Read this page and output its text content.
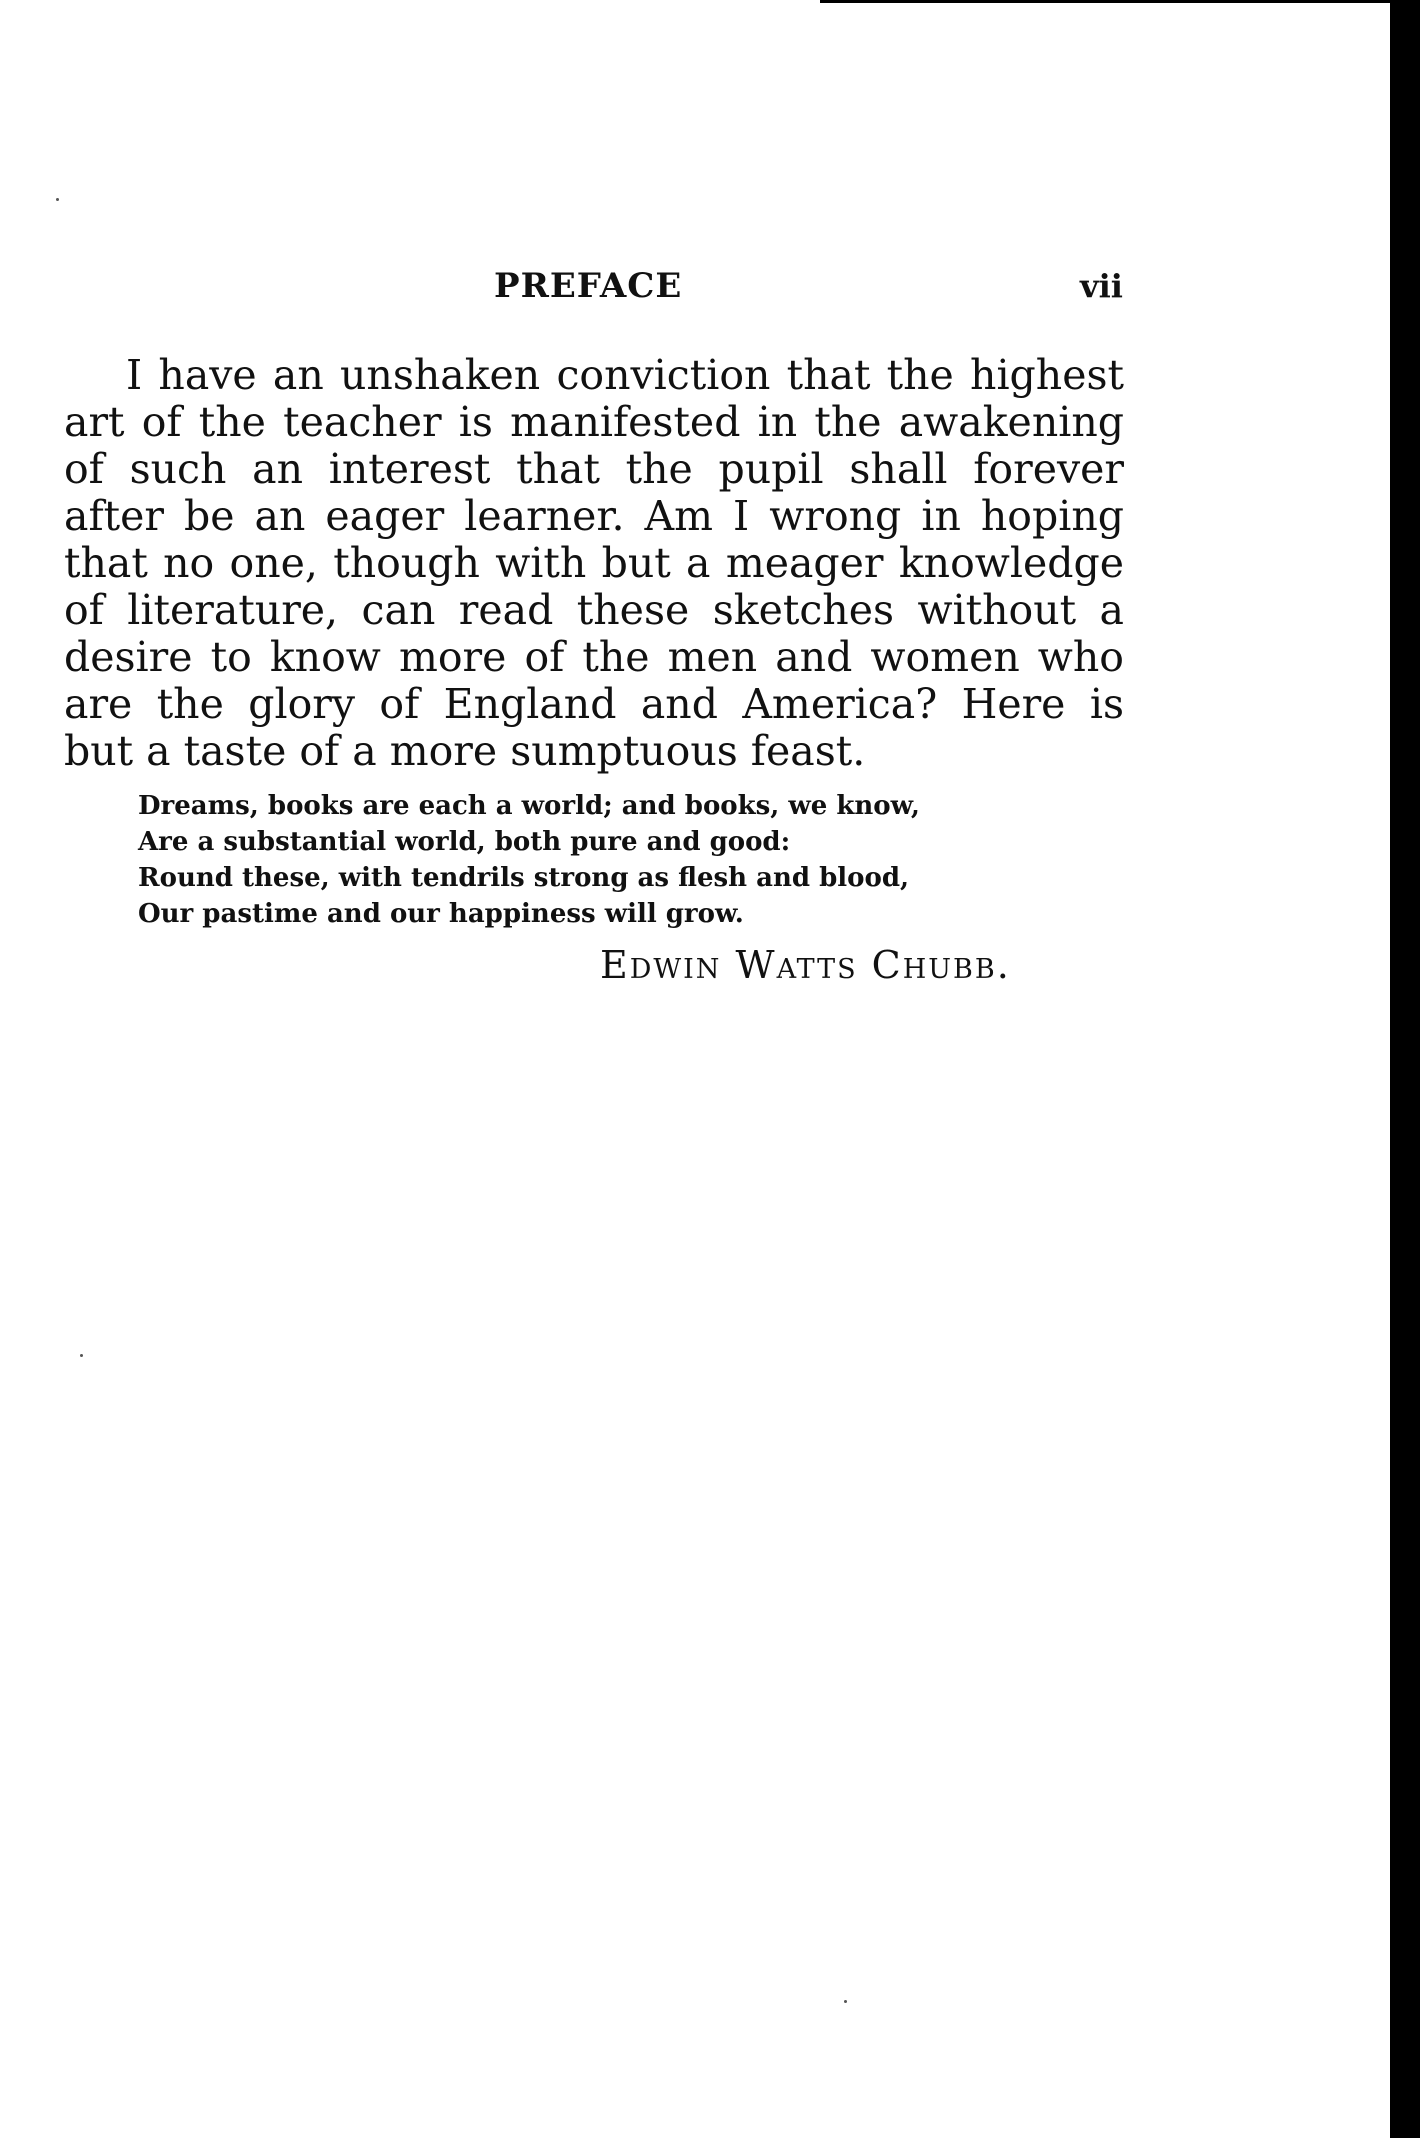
PREFACE	vii
I have an unshaken conviction that the highest
art of the teacher is manifested in the awakening
of such an interest that the pupil shall forever
after be an eager learner. Am I wrong in hoping
that no one, though with but a meager knowledge
of literature, can read these sketches without a
desire to know more of the men and women who
are the glory of England and America? Here is
but a taste of a more sumptuous feast.
Dreams, books are each a world; and books, we know,
Are a substantial world, both pure and good:
Round these, with tendrils strong as flesh and blood,
Our pastime and our happiness will grow.
Edwin Watts Chubb.
